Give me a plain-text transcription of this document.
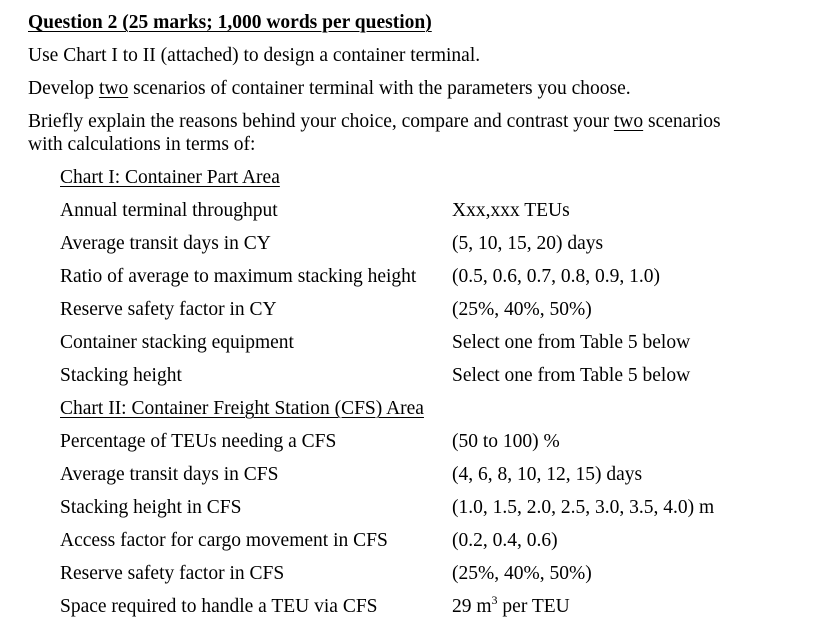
Question 2 (25 marks; 1,000 words per question)
Use Chart I to II (attached) to design a container terminal.
Develop two scenarios of container terminal with the parameters you choose.
Briefly explain the reasons behind your choice, compare and contrast your two scenarios
with calculations in terms of:
Chart I: Container Part Area
Annual terminal throughput	Xxx,xxx TEUs
Average transit days in CY	(5, 10, 15, 20) days
Ratio of average to maximum stacking height (0.5, 0.6, 0.7, 0.8, 0.9, 1.0)
Reserve safety factor in CY	(25%, 40%, 50%)
Container stacking equipment	Select one from Table 5 below
Stacking height	Select one from Table 5 below
Chart II: Container Freight Station (CFS) Area
Percentage of TEUs needing a CFS	(50 to 100) %
Average transit days in CFS	(4, 6, 8, 10, 12, 15) days
Stacking height in CFS	(1.0, 1.5, 2.0, 2.5, 3.0, 3.5, 4.0) m
Access factor for cargo movement in CFS	(0.2, 0.4, 0.6)
Reserve safety factor in CFS	(25%, 40%, 50%)
Space required to handle a TEU via CFS	29 $m^3$ per TEU
